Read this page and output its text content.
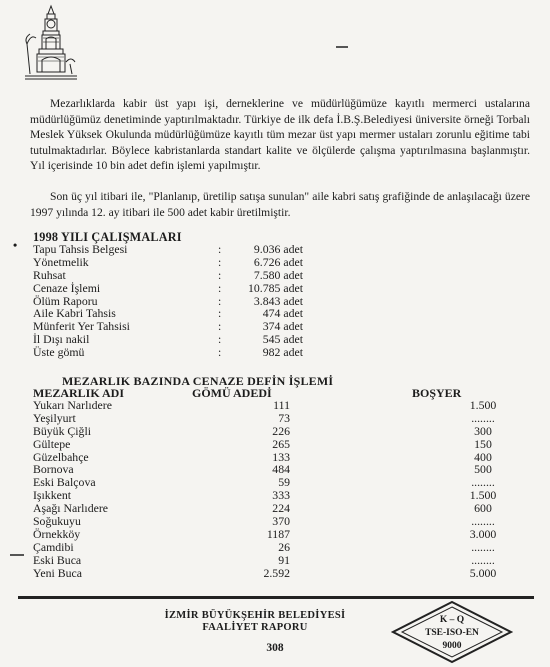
Mezarlıklarda kabir üst yapı işi, derneklerine ve müdürlüğümüze kayıtlı mermerci ustalarına müdürlüğümüz denetiminde yaptırılmaktadır. Türkiye de ilk defa İ.B.Ş.Belediyesi üniversite örneği Torbalı Meslek Yüksek Okulunda müdürlüğümüze kayıtlı tüm mezar üst yapı mermer ustaları zorunlu eğitime tabi tutulmaktadırlar. Böylece kabristanlarda standart kalite ve ölçülerde çalışma yaptırılmasına başlanmıştır. Yıl içerisinde 10 bin adet defin işlemi yapılmıştır.

Son üç yıl itibari ile, "Planlanıp, üretilip satışa sunulan" aile kabri satış grafiğinde de anlaşılacağı üzere 1997 yılında 12. ay itibari ile 500 adet kabir üretilmiştir.

•
1998 YILI ÇALIŞMALARI
Tapu Tahsis Belgesi	:	9.036 adet
Yönetmelik	:	6.726 adet
Ruhsat	:	7.580 adet
Cenaze İşlemi	: 10.785 adet
Ölüm Raporu	:	3.843 adet
Aile Kabri Tahsis	:	474 adet
Münferit Yer Tahsisi	:	374 adet
İl Dışı nakil	:	545 adet
Üste gömü	:	982 adet
MEZARLIK BAZINDA CENAZE DEFİN İŞLEMİ
MEZARLIK ADI	GÖMÜ ADEDİ	BOŞYER
Yukarı Narlıdere	111	1.500
Yeşilyurt	73	........
Büyük Çiğli	226	300
Gültepe	265	150
Güzelbahçe	133	400
Bornova	484	500
Eski Balçova	59	........
Işıkkent	333	1.500
Aşağı Narlıdere	224	600
Soğukuyu	370	........
Örnekköy	1187	3.000
Çamdibi	26	........
Eski Buca	91	........
Yeni Buca	2.592	5.000
İZMİR BÜYÜKŞEHİR BELEDİYESİ
FAALİYET RAPORU
308
K – Q
TSE-ISO-EN
9000
